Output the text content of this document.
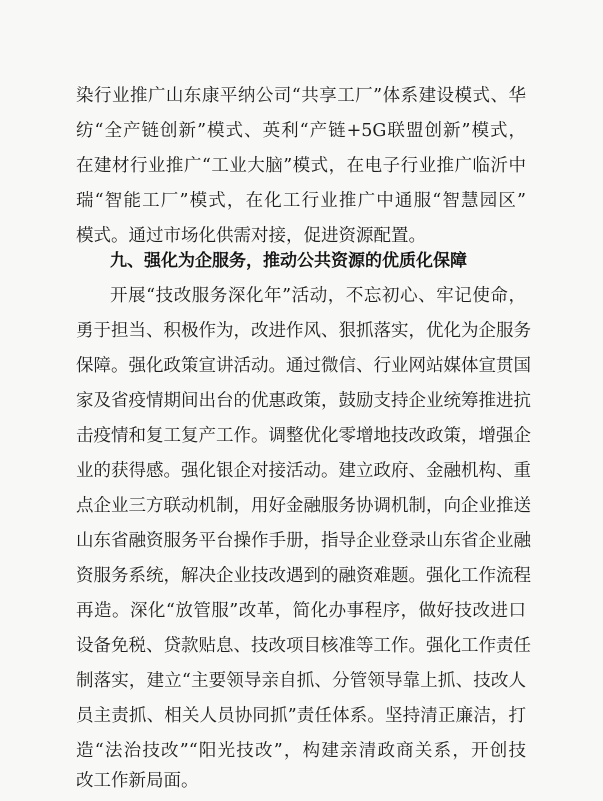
染行业推广山东康平纳公司“共享工厂”体系建设模式、华
纺“全产链创新”模式、英利“产链+5G联盟创新”模式，
在建材行业推广“工业大脑”模式，在电子行业推广临沂中
瑞“智能工厂”模式，在化工行业推广中通服“智慧园区”
模式。通过市场化供需对接，促进资源配置。
九、强化为企服务，推动公共资源的优质化保障
开展“技改服务深化年”活动，不忘初心、牢记使命，
勇于担当、积极作为，改进作风、狠抓落实，优化为企服务
保障。强化政策宣讲活动。通过微信、行业网站媒体宣贯国
家及省疫情期间出台的优惠政策，鼓励支持企业统筹推进抗
击疫情和复工复产工作。调整优化零增地技改政策，增强企
业的获得感。强化银企对接活动。建立政府、金融机构、重
点企业三方联动机制，用好金融服务协调机制，向企业推送
山东省融资服务平台操作手册，指导企业登录山东省企业融
资服务系统，解决企业技改遇到的融资难题。强化工作流程
再造。深化“放管服”改革，简化办事程序，做好技改进口
设备免税、贷款贴息、技改项目核准等工作。强化工作责任
制落实，建立“主要领导亲自抓、分管领导靠上抓、技改人
员主责抓、相关人员协同抓”责任体系。坚持清正廉洁，打
造“法治技改”“阳光技改”，构建亲清政商关系，开创技
改工作新局面。
